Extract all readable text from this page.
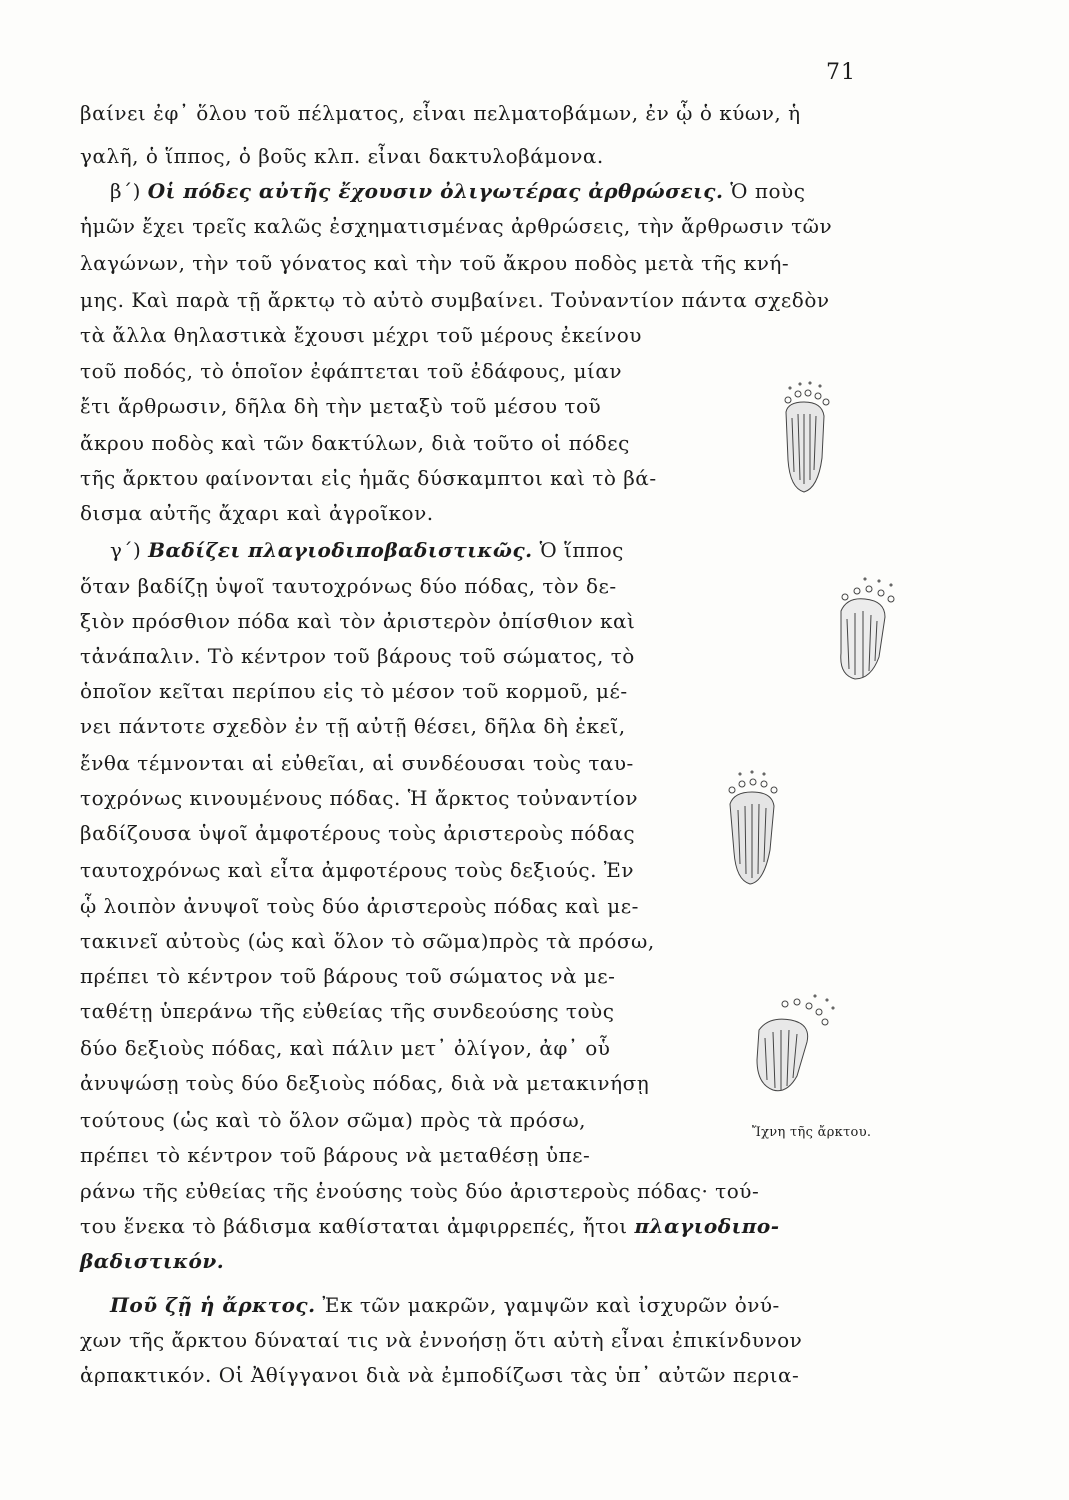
71
βαίνει ἐφ᾿ ὅλου τοῦ πέλματος, εἶναι πελματοβάμων, ἐν ᾧ ὁ κύων, ἡ
γαλῆ, ὁ ἵππος, ὁ βοῦς κλπ. εἶναι δακτυλοβάμονα.
β΄) Οἱ πόδες αὐτῆς ἔχουσιν ὀλιγωτέρας ἀρθρώσεις. Ὁ ποὺς
ἡμῶν ἔχει τρεῖς καλῶς ἐσχηματισμένας ἀρθρώσεις, τὴν ἄρθρωσιν τῶν
λαγώνων, τὴν τοῦ γόνατος καὶ τὴν τοῦ ἄκρου ποδὸς μετὰ τῆς κνή-
μης. Καὶ παρὰ τῇ ἄρκτῳ τὸ αὐτὸ συμβαίνει. Τοὐναντίον πάντα σχεδὸν
τὰ ἄλλα θηλαστικὰ ἔχουσι μέχρι τοῦ μέρους ἐκείνου
τοῦ ποδός, τὸ ὁποῖον ἐφάπτεται τοῦ ἐδάφους, μίαν
ἔτι ἄρθρωσιν, δῆλα δὴ τὴν μεταξὺ τοῦ μέσου τοῦ
ἄκρου ποδὸς καὶ τῶν δακτύλων, διὰ τοῦτο οἱ πόδες
τῆς ἄρκτου φαίνονται εἰς ἡμᾶς δύσκαμπτοι καὶ τὸ βά-
δισμα αὐτῆς ἄχαρι καὶ ἀγροῖκον.
γ΄) Βαδίζει πλαγιοδιποβαδιστικῶς. Ὁ ἵππος
ὅταν βαδίζῃ ὑψοῖ ταυτοχρόνως δύο πόδας, τὸν δε-
ξιὸν πρόσθιον πόδα καὶ τὸν ἀριστερὸν ὀπίσθιον καὶ
τἀνάπαλιν. Τὸ κέντρον τοῦ βάρους τοῦ σώματος, τὸ
ὁποῖον κεῖται περίπου εἰς τὸ μέσον τοῦ κορμοῦ, μέ-
νει πάντοτε σχεδὸν ἐν τῇ αὐτῇ θέσει, δῆλα δὴ ἐκεῖ,
ἔνθα τέμνονται αἱ εὐθεῖαι, αἱ συνδέουσαι τοὺς ταυ-
τοχρόνως κινουμένους πόδας. Ἡ ἄρκτος τοὐναντίον
βαδίζουσα ὑψοῖ ἀμφοτέρους τοὺς ἀριστεροὺς πόδας
ταυτοχρόνως καὶ εἶτα ἀμφοτέρους τοὺς δεξιούς. Ἐν
ᾧ λοιπὸν ἀνυψοῖ τοὺς δύο ἀριστεροὺς πόδας καὶ με-
τακινεῖ αὐτοὺς (ὡς καὶ ὅλον τὸ σῶμα)πρὸς τὰ πρόσω,
πρέπει τὸ κέντρον τοῦ βάρους τοῦ σώματος νὰ με-
ταθέτῃ ὑπεράνω τῆς εὐθείας τῆς συνδεούσης τοὺς
δύο δεξιοὺς πόδας, καὶ πάλιν μετ᾿ ὀλίγον, ἀφ᾿ οὗ
ἀνυψώσῃ τοὺς δύο δεξιοὺς πόδας, διὰ νὰ μετακινήσῃ
τούτους (ὡς καὶ τὸ ὅλον σῶμα) πρὸς τὰ πρόσω,
πρέπει τὸ κέντρον τοῦ βάρους νὰ μεταθέσῃ ὑπε-
ράνω τῆς εὐθείας τῆς ἑνούσης τοὺς δύο ἀριστεροὺς πόδας· τού-
του ἕνεκα τὸ βάδισμα καθίσταται ἀμφιρρεπές, ἤτοι πλαγιοδιπο-
βαδιστικόν.
Ποῦ ζῇ ἡ ἄρκτος. Ἐκ τῶν μακρῶν, γαμψῶν καὶ ἰσχυρῶν ὀνύ-
χων τῆς ἄρκτου δύναταί τις νὰ ἐννοήσῃ ὅτι αὐτὴ εἶναι ἐπικίνδυνον
ἁρπακτικόν. Οἱ Ἀθίγγανοι διὰ νὰ ἐμποδίζωσι τὰς ὑπ᾿ αὐτῶν περια-
Ἴχνη τῆς ἄρκτου.
